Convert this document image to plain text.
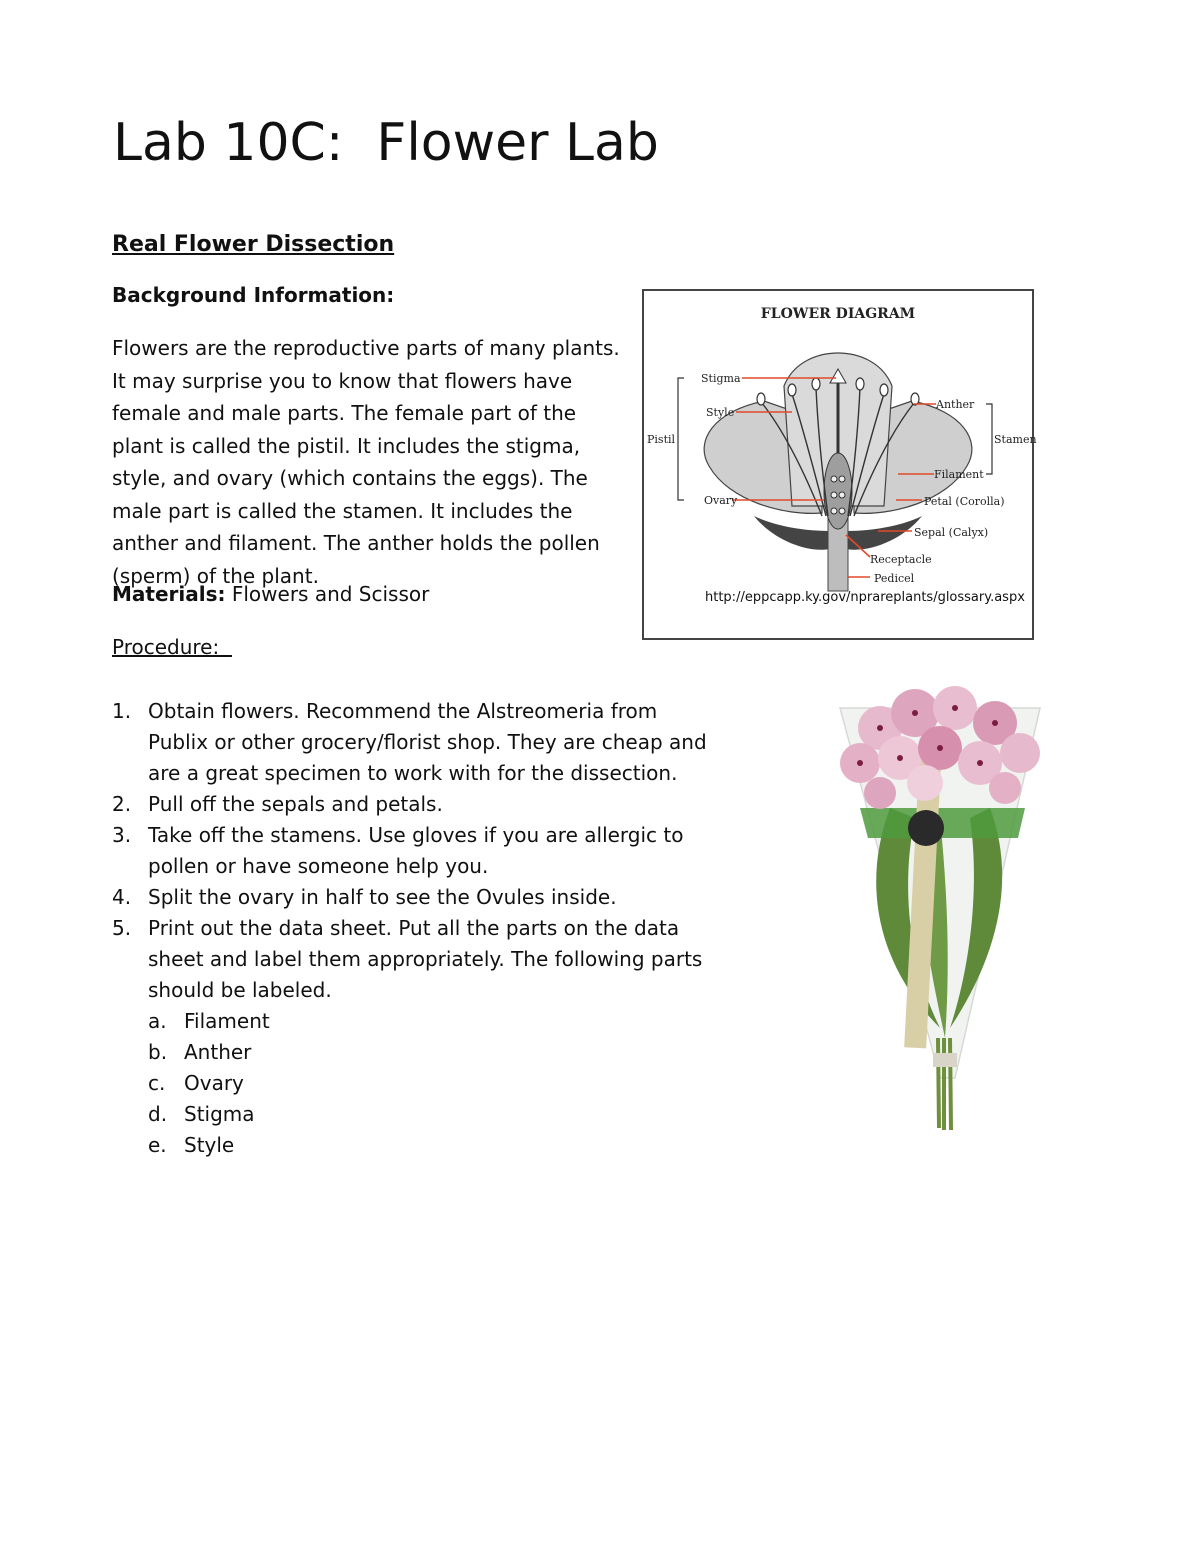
Lab 10C:  Flower Lab
Real Flower Dissection
Background Information:

Flowers are the reproductive parts of many plants. It may surprise you to know that flowers have female and male parts. The female part of the plant is called the pistil. It includes the stigma, style, and ovary (which contains the eggs). The male part is called the stamen. It includes the anther and filament. The anther holds the pollen (sperm) of the plant.

Materials: Flowers and Scissor
Procedure:
1. Obtain flowers. Recommend the Alstreomeria from Publix or other grocery/florist shop. They are cheap and are a great specimen to work with for the dissection.
2. Pull off the sepals and petals.
3. Take off the stamens. Use gloves if you are allergic to pollen or have someone help you.
4. Split the ovary in half to see the Ovules inside.
5. Print out the data sheet. Put all the parts on the data sheet and label them appropriately. The following parts should be labeled.
a. Filament
b. Anther
c. Ovary
d. Stigma
e. Style
FLOWER DIAGRAM
Stigma
Style
Pistil
Ovary
Anther
Stamen
Filament
Petal (Corolla)
Sepal (Calyx)
Receptacle
Pedicel
http://eppcapp.ky.gov/nprareplants/glossary.aspx
